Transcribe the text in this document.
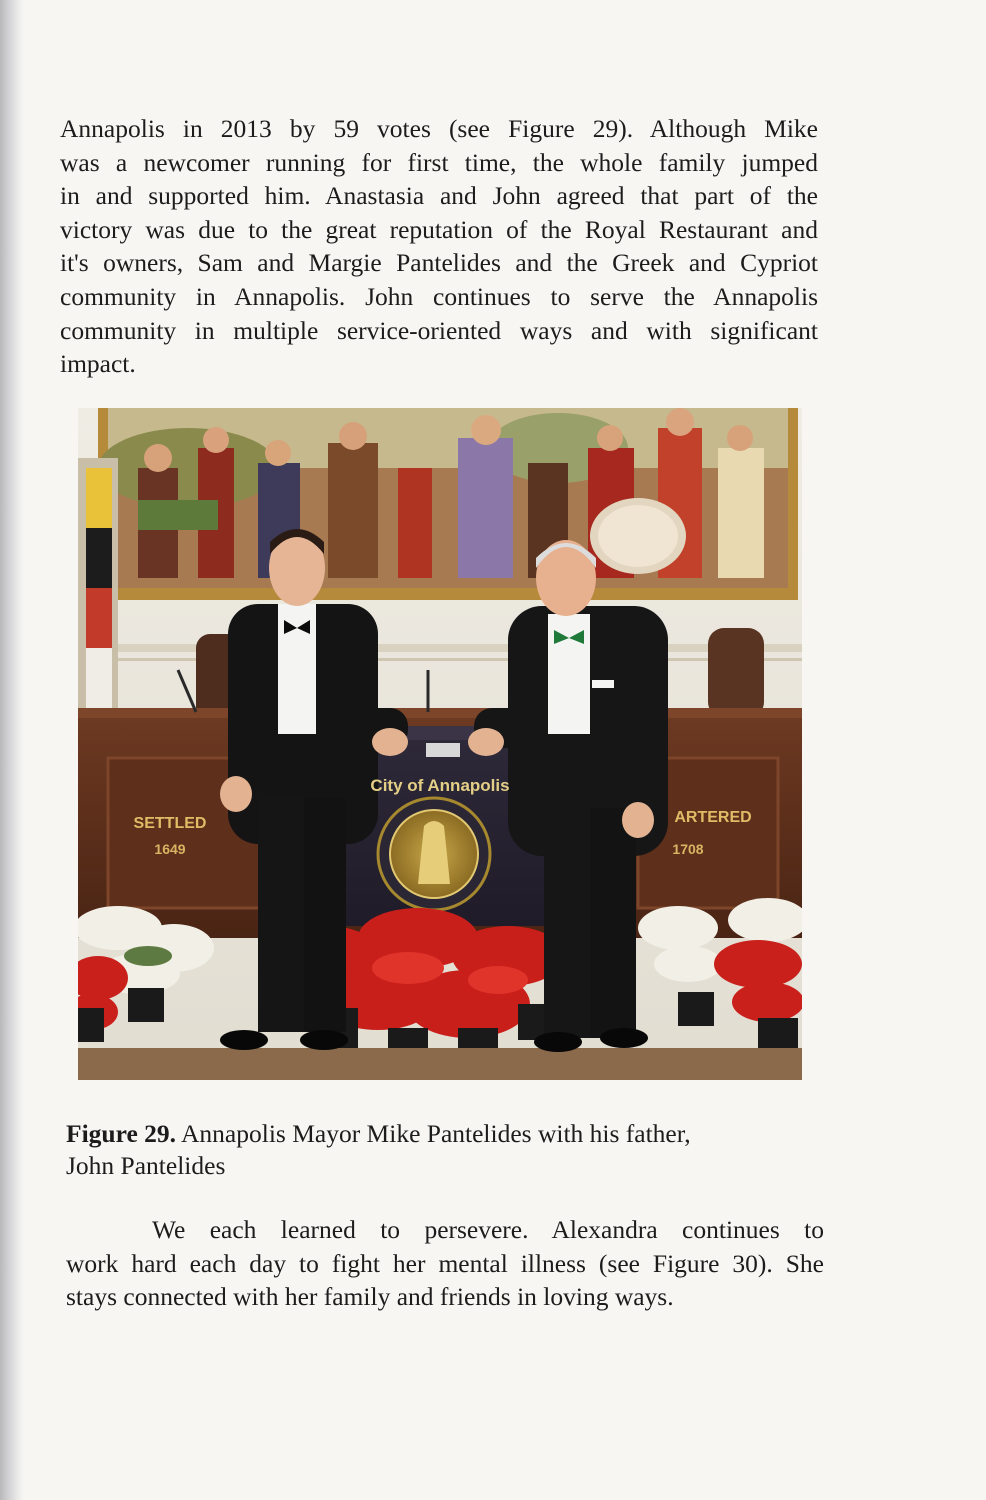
Annapolis in 2013 by 59 votes (see Figure 29). Although Mike
was a newcomer running for first time, the whole family jumped
in and supported him. Anastasia and John agreed that part of the
victory was due to the great reputation of the Royal Restaurant and
it's owners, Sam and Margie Pantelides and the Greek and Cypriot
community in Annapolis. John continues to serve the Annapolis
community in multiple service-oriented ways and with significant
impact.

City of Annapolis
SETTLED
1649
ARTERED
1708
Figure 29. Annapolis Mayor Mike Pantelides with his father,
John Pantelides

We each learned to persevere. Alexandra continues to
work hard each day to fight her mental illness (see Figure 30). She
stays connected with her family and friends in loving ways.
